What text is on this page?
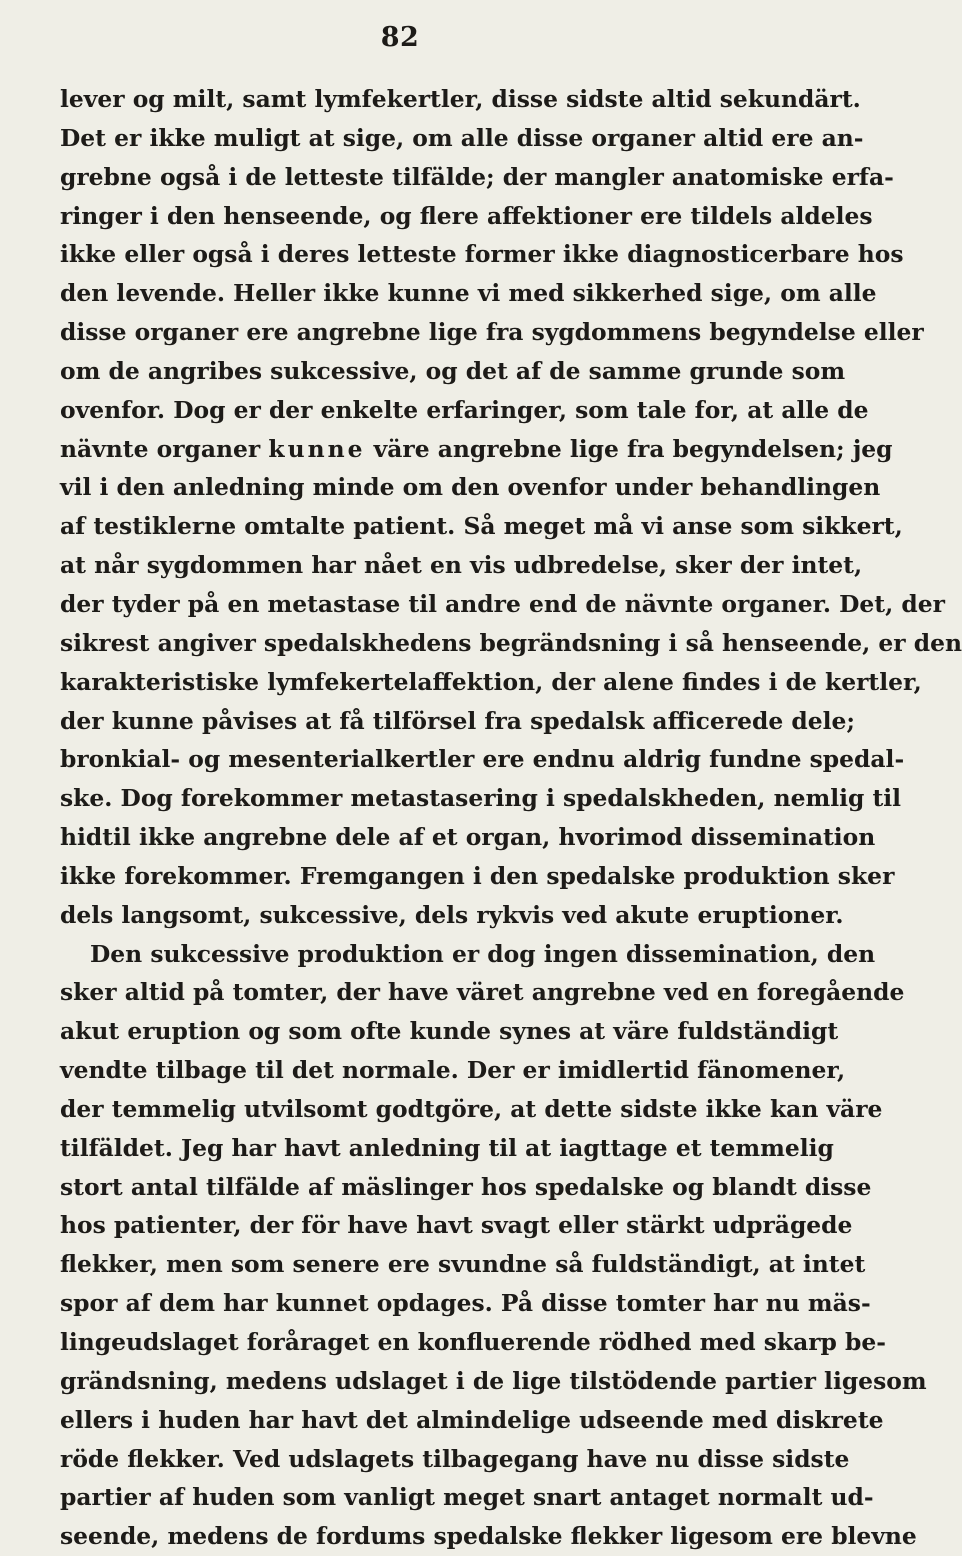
82
lever og milt, samt lymfekertler, disse sidste altid sekundärt.
Det er ikke muligt at sige, om alle disse organer altid ere an-
grebne også i de letteste tilfälde; der mangler anatomiske erfa-
ringer i den henseende, og flere affektioner ere tildels aldeles
ikke eller også i deres letteste former ikke diagnosticerbare hos
den levende. Heller ikke kunne vi med sikkerhed sige, om alle
disse organer ere angrebne lige fra sygdommens begyndelse eller
om de angribes sukcessive, og det af de samme grunde som
ovenfor. Dog er der enkelte erfaringer, som tale for, at alle de
nävnte organer kunne väre angrebne lige fra begyndelsen; jeg
vil i den anledning minde om den ovenfor under behandlingen
af testiklerne omtalte patient. Så meget må vi anse som sikkert,
at når sygdommen har nået en vis udbredelse, sker der intet,
der tyder på en metastase til andre end de nävnte organer. Det, der
sikrest angiver spedalskhedens begrändsning i så henseende, er den
karakteristiske lymfekertelaffektion, der alene findes i de kertler,
der kunne påvises at få tilförsel fra spedalsk afficerede dele;
bronkial- og mesenterialkertler ere endnu aldrig fundne spedal-
ske. Dog forekommer metastasering i spedalskheden, nemlig til
hidtil ikke angrebne dele af et organ, hvorimod dissemination
ikke forekommer. Fremgangen i den spedalske produktion sker
dels langsomt, sukcessive, dels rykvis ved akute eruptioner.
Den sukcessive produktion er dog ingen dissemination, den
sker altid på tomter, der have väret angrebne ved en foregående
akut eruption og som ofte kunde synes at väre fuldständigt
vendte tilbage til det normale. Der er imidlertid fänomener,
der temmelig utvilsomt godtgöre, at dette sidste ikke kan väre
tilfäldet. Jeg har havt anledning til at iagttage et temmelig
stort antal tilfälde af mäslinger hos spedalske og blandt disse
hos patienter, der för have havt svagt eller stärkt udprägede
flekker, men som senere ere svundne så fuldständigt, at intet
spor af dem har kunnet opdages. På disse tomter har nu mäs-
lingeudslaget foråraget en konfluerende rödhed med skarp be-
grändsning, medens udslaget i de lige tilstödende partier ligesom
ellers i huden har havt det almindelige udseende med diskrete
röde flekker. Ved udslagets tilbagegang have nu disse sidste
partier af huden som vanligt meget snart antaget normalt ud-
seende, medens de fordums spedalske flekker ligesom ere blevne
